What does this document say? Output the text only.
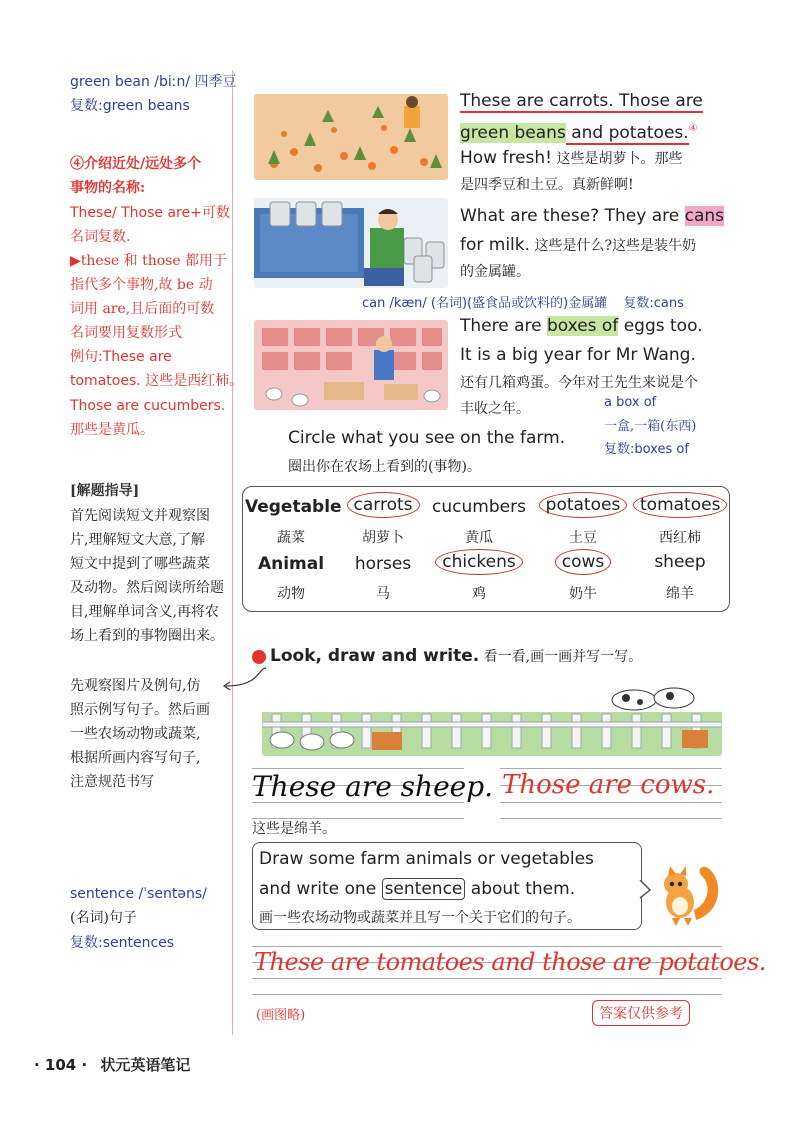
green bean /biːn/ 四季豆
复数:green beans
④介绍近处/远处多个
事物的名称:
These/ Those are+可数
名词复数.
▶these 和 those 都用于
指代多个事物,故 be 动
词用 are,且后面的可数
名词要用复数形式
例句:These are
tomatoes. 这些是西红柿。
Those are cucumbers.
那些是黄瓜。
[解题指导]
首先阅读短文并观察图
片,理解短文大意,了解
短文中提到了哪些蔬菜
及动物。然后阅读所给题
目,理解单词含义,再将农
场上看到的事物圈出来。
先观察图片及例句,仿
照示例写句子。然后画
一些农场动物或蔬菜,
根据所画内容写句子,
注意规范书写
sentence /ˈsentəns/
(名词)句子
复数:sentences
These are carrots. Those are
green beans and potatoes.④
How fresh! 这些是胡萝卜。那些
是四季豆和土豆。真新鲜啊!
What are these? They are cans
for milk. 这些是什么?这些是装牛奶
的金属罐。
can /kæn/ (名词)(盛食品或饮料的)金属罐 复数:cans
There are boxes of eggs too.
It is a big year for Mr Wang.
还有几箱鸡蛋。今年对王先生来说是个
丰收之年。	a box of
一盒,一箱(东西)
复数:boxes of
Circle what you see on the farm.
圈出你在农场上看到的(事物)。
Vegetable carrots	cucumbers	potatoes	tomatoes
蔬菜	胡萝卜	黄瓜	土豆	西红柿
Animal	horses	chickens	cows	sheep
动物	马	鸡	奶牛	绵羊
Look, draw and write. 看一看,画一画并写一写。
These are sheep. Those are cows.
这些是绵羊。
Draw some farm animals or vegetables
and write one sentence about them.
画一些农场动物或蔬菜并且写一个关于它们的句子。
These are tomatoes and those are potatoes.
(画图略)	答案仅供参考
· 104 · 状元英语笔记
